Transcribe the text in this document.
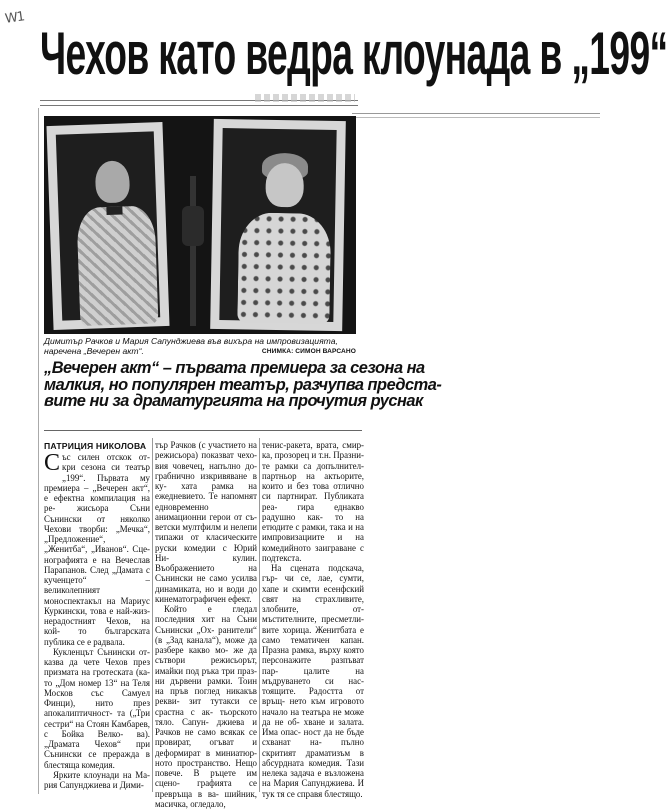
W1
Чехов като ведра клоунада в „199“

Димитър Рачков и Мария Сапунджиева във вихъра на импровизацията, наречена „Вечерен акт“.	СНИМКА: СИМОН ВАРСАНО

„Вечерен акт“ – първата премиера за сезона на

малкия, но популярен театър, разчупва предста-

вите ни за драматургията на прочутия руснак

ПАТРИЦИЯ НИКОЛОВА

Със силен отскок от- кри сезона си театър „199“. Първата му премиера – „Вечерен акт“, е ефектна компилация на ре- жисьора Съни Сънински от няколко Чехови творби: „Мечка“, „Предложение“, „Женитба“, „Иванов“. Сце- нографията е на Вечеслав Парапанов. След „Дамата с кученцето“ – великолепният моноспектакъл на Мариус Куркински, това е най-жиз- нерадостният Чехов, на кой- то българската публика се е радвала.

Кукленцът Сънински от- казва да чете Чехов през призмата на гротеската (ка- то „Дом номер 13“ на Теля Москов със Самуел Финци), нито през апокалиптичност- та („Три сестри“ на Стоян Камбарев, с Бойка Велко- ва). „Драмата Чехов“ при Сънински се преражда в блестяща комедия.

Ярките клоунади на Ма- рия Сапунджиева и Дими-

тър Рачков (с участието на режисьора) показват чехо- вия човечец, напълно до- грабнично изкривяване в ку- хата рамка на ежедневието. Те напомнят едновременно анимационни герои от съ- ветски мултфилм и нелепи типажи от класическите руски комедии с Юрий Ни- кулин. Въображението на Сънински не само усилва динамиката, но и води до кинематографичен ефект.

Който е гледал последния хит на Съни Сънински „Ох- ранители“ (в „Зад канала“), може да разбере какво мо- же да сътвори режисьорът, имайки под ръка три праз- ни дървени рамки. Тоин на пръв поглед никакъв рекви- зит тутакси се срастна с ак- тьорското тяло. Сапун- джиева и Рачков не само всякак се провират, огъват и деформират в миниатюр- ното пространство. Нещо повече. В ръцете им сцено- графията се превръща в ва- шийник, масичка, огледало,

тенис-ракета, врата, смир- ка, прозорец и т.н. Празни- те рамки са допълнител- партньор на актьорите, които и без това отлично си партнират. Публиката реа- гира еднакво радушно как- то на етюдите с рамки, така и на импровизациите и на комедийното заиграване с подтекста.

На сцената подскача, гър- чи се, лае, сумти, хапе и скимти есенфский свят на страхливите, злобните, от- мъстителните, пресметли- вите хорица. Женитбата е само тематичен капан. Празна рамка, върху която персонажите разпъват пар- цалите на мъдруването си нас- тоящите. Радостта от връщ- нето към игровото начало на театъра не може да не об- хване и залата. Има опас- ност да не бъде схванат на- пълно скритият драматизъм в абсурдната комедия. Тази нелека задача е възложена на Мария Сапунджиева. И тук тя се справя блестящо.
